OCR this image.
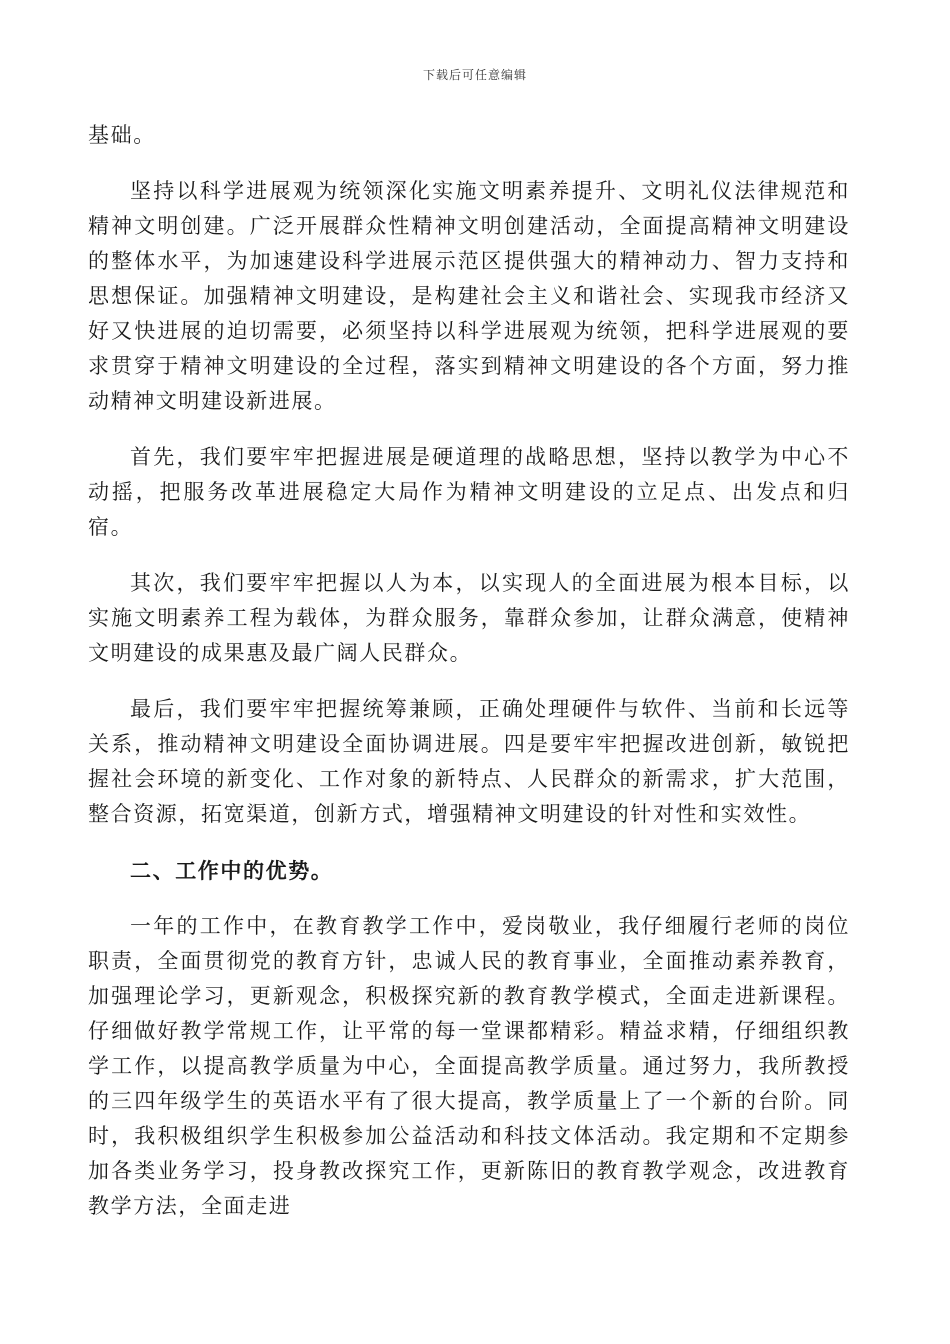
下载后可任意编辑

基础。

坚持以科学进展观为统领深化实施文明素养提升、文明礼仪法律规范和精神文明创建。广泛开展群众性精神文明创建活动，全面提高精神文明建设的整体水平，为加速建设科学进展示范区提供强大的精神动力、智力支持和思想保证。加强精神文明建设，是构建社会主义和谐社会、实现我市经济又好又快进展的迫切需要，必须坚持以科学进展观为统领，把科学进展观的要求贯穿于精神文明建设的全过程，落实到精神文明建设的各个方面，努力推动精神文明建设新进展。

首先，我们要牢牢把握进展是硬道理的战略思想，坚持以教学为中心不动摇，把服务改革进展稳定大局作为精神文明建设的立足点、出发点和归宿。

其次，我们要牢牢把握以人为本，以实现人的全面进展为根本目标，以实施文明素养工程为载体，为群众服务，靠群众参加，让群众满意，使精神文明建设的成果惠及最广阔人民群众。

最后，我们要牢牢把握统筹兼顾，正确处理硬件与软件、当前和长远等关系，推动精神文明建设全面协调进展。四是要牢牢把握改进创新，敏锐把握社会环境的新变化、工作对象的新特点、人民群众的新需求，扩大范围，整合资源，拓宽渠道，创新方式，增强精神文明建设的针对性和实效性。

二、工作中的优势。

一年的工作中，在教育教学工作中，爱岗敬业，我仔细履行老师的岗位职责，全面贯彻党的教育方针，忠诚人民的教育事业，全面推动素养教育，加强理论学习，更新观念，积极探究新的教育教学模式，全面走进新课程。仔细做好教学常规工作，让平常的每一堂课都精彩。精益求精，仔细组织教学工作，以提高教学质量为中心，全面提高教学质量。通过努力，我所教授的三四年级学生的英语水平有了很大提高，教学质量上了一个新的台阶。同时，我积极组织学生积极参加公益活动和科技文体活动。我定期和不定期参加各类业务学习，投身教改探究工作，更新陈旧的教育教学观念，改进教育教学方法，全面走进
